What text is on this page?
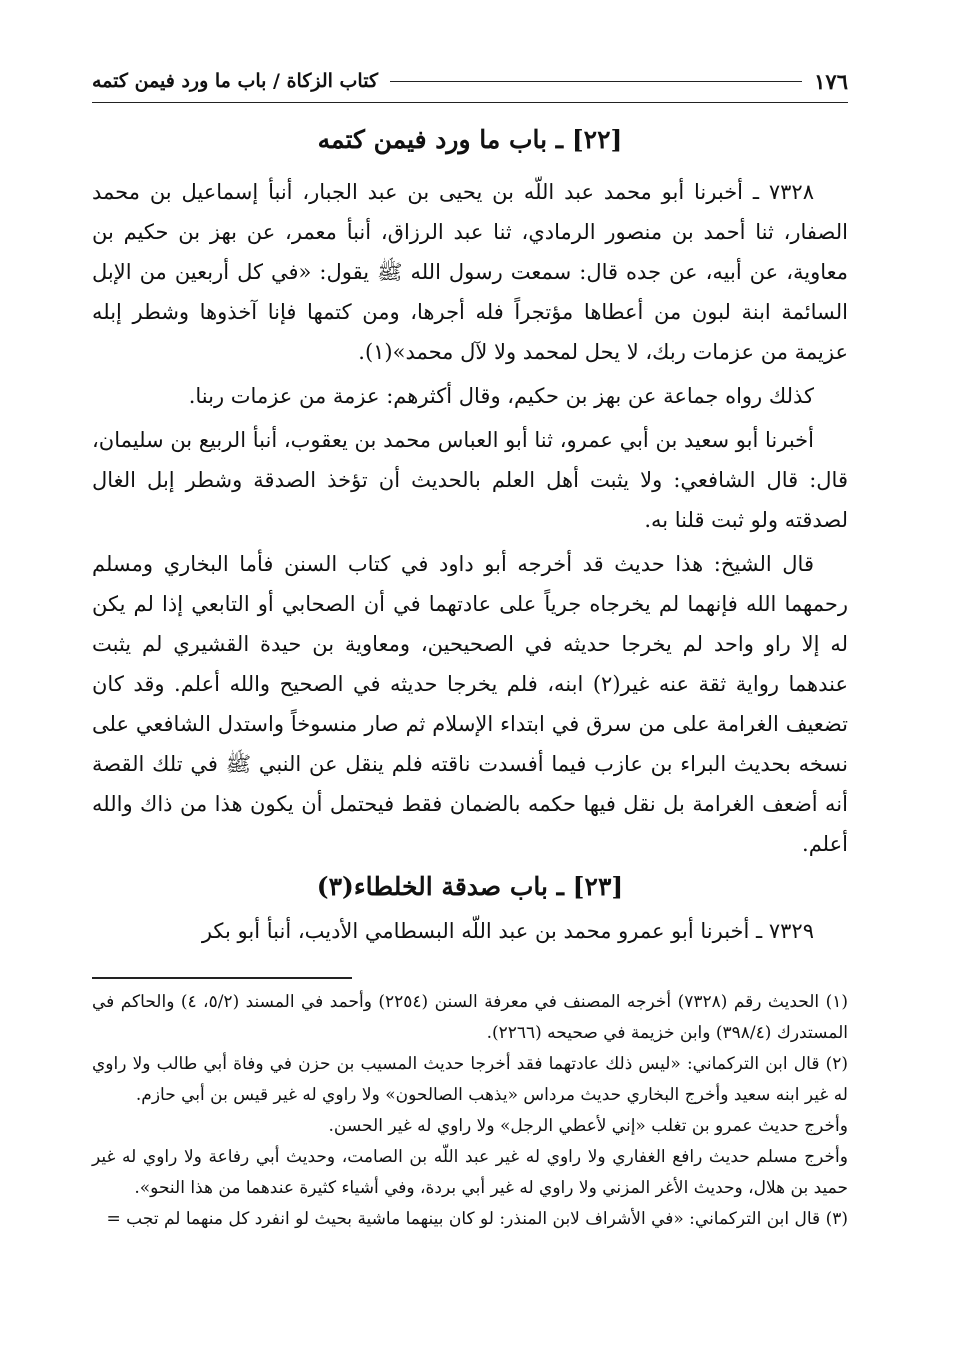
١٧٦
كتاب الزكاة / باب ما ورد فيمن كتمه
[٢٢] ـ باب ما ورد فيمن كتمه

٧٣٢٨ ـ أخبرنا أبو محمد عبد اللّه بن يحيى بن عبد الجبار، أنبأ إسماعيل بن محمد الصفار، ثنا أحمد بن منصور الرمادي، ثنا عبد الرزاق، أنبأ معمر، عن بهز بن حكيم بن معاوية، عن أبيه، عن جده قال: سمعت رسول الله ﷺ يقول: «في كل أربعين من الإبل السائمة ابنة لبون من أعطاها مؤتجراً فله أجرها، ومن كتمها فإنا آخذوها وشطر إبله عزيمة من عزمات ربك، لا يحل لمحمد ولا لآل محمد»(١).

كذلك رواه جماعة عن بهز بن حكيم، وقال أكثرهم: عزمة من عزمات ربنا.

أخبرنا أبو سعيد بن أبي عمرو، ثنا أبو العباس محمد بن يعقوب، أنبأ الربيع بن سليمان، قال: قال الشافعي: ولا يثبت أهل العلم بالحديث أن تؤخذ الصدقة وشطر إبل الغال لصدقته ولو ثبت قلنا به.

قال الشيخ: هذا حديث قد أخرجه أبو داود في كتاب السنن فأما البخاري ومسلم رحمهما الله فإنهما لم يخرجاه جرياً على عادتهما في أن الصحابي أو التابعي إذا لم يكن له إلا راو واحد لم يخرجا حديثه في الصحيحين، ومعاوية بن حيدة القشيري لم يثبت عندهما رواية ثقة عنه غير(٢) ابنه، فلم يخرجا حديثه في الصحيح والله أعلم. وقد كان تضعيف الغرامة على من سرق في ابتداء الإسلام ثم صار منسوخاً واستدل الشافعي على نسخه بحديث البراء بن عازب فيما أفسدت ناقته فلم ينقل عن النبي ﷺ في تلك القصة أنه أضعف الغرامة بل نقل فيها حكمه بالضمان فقط فيحتمل أن يكون هذا من ذاك والله أعلم.

[٢٣] ـ باب صدقة الخلطاء(٣)

٧٣٢٩ ـ أخبرنا أبو عمرو محمد بن عبد اللّه البسطامي الأديب، أنبأ أبو بكر

(١) الحديث رقم (٧٣٢٨) أخرجه المصنف في معرفة السنن (٢٢٥٤) وأحمد في المسند (٥/٢، ٤) والحاكم في المستدرك (٣٩٨/٤) وابن خزيمة في صحيحه (٢٢٦٦).
(٢) قال ابن التركماني: «ليس ذلك عادتهما فقد أخرجا حديث المسيب بن حزن في وفاة أبي طالب ولا راوي له غير ابنه سعيد وأخرج البخاري حديث مرداس «يذهب الصالحون» ولا راوي له غير قيس بن أبي حازم.
وأخرج حديث عمرو بن تغلب «إني لأعطي الرجل» ولا راوي له غير الحسن.
وأخرج مسلم حديث رافع الغفاري ولا راوي له غير عبد اللّه بن الصامت، وحديث أبي رفاعة ولا راوي له غير حميد بن هلال، وحديث الأغر المزني ولا راوي له غير أبي بردة، وفي أشياء كثيرة عندهما من هذا النحو».
(٣) قال ابن التركماني: «في الأشراف لابن المنذر: لو كان بينهما ماشية بحيث لو انفرد كل منهما لم تجب =
